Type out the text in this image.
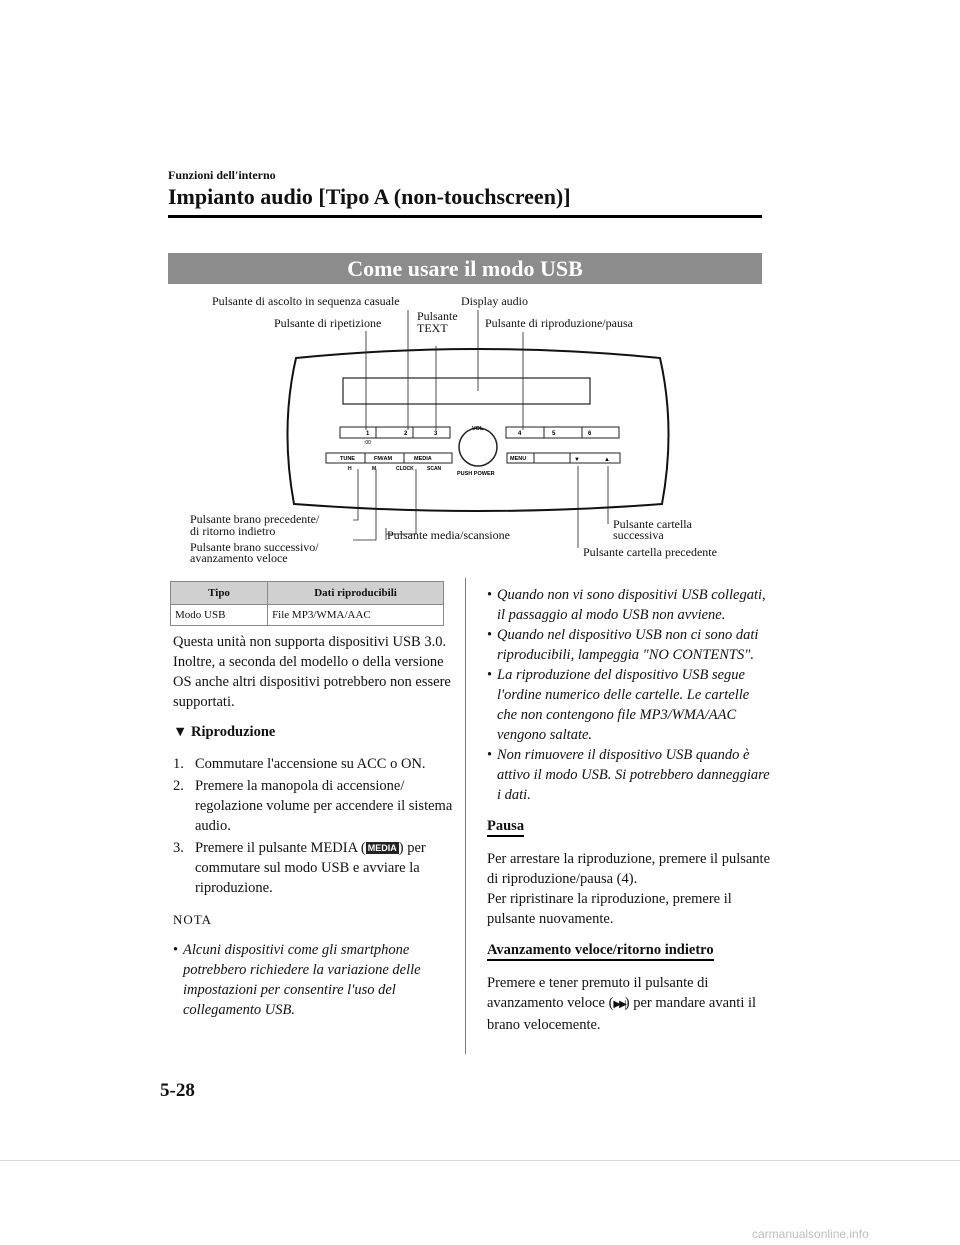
Funzioni dell'interno
Impianto audio [Tipo A (non-touchscreen)]
Come usare il modo USB
1
:00
2	3	4	5	6
VOL
TUNE	FM/AM	MEDIA
H	M	CLOCK	SCAN
PUSH POWER
MENU	▼	▲
Pulsante di ascolto in sequenza casuale	Display audio
Pulsante di ripetizione	Pulsante
TEXT	Pulsante di riproduzione/pausa
Pulsante brano precedente/
di ritorno indietro
Pulsante brano successivo/
avanzamento veloce
Pulsante media/scansione
Pulsante cartella
successiva
Pulsante cartella precedente
Tipo	Dati riproducibili
Modo USB	File MP3/WMA/AAC

Questa unità non supporta dispositivi USB 3.0. Inoltre, a seconda del modello o della versione OS anche altri dispositivi potrebbero non essere supportati.

▼ Riproduzione
1. Commutare l'accensione su ACC o ON.
2. Premere la manopola di accensione/ regolazione volume per accendere il sistema audio.
3. Premere il pulsante MEDIA ( MEDIA ) per commutare sul modo USB e avviare la riproduzione.
NOTA
• Alcuni dispositivi come gli smartphone potrebbero richiedere la variazione delle impostazioni per consentire l'uso del collegamento USB.
• Quando non vi sono dispositivi USB collegati, il passaggio al modo USB non avviene.
• Quando nel dispositivo USB non ci sono dati riproducibili, lampeggia "NO CONTENTS".
• La riproduzione del dispositivo USB segue l'ordine numerico delle cartelle. Le cartelle che non contengono file MP3/WMA/AAC vengono saltate.
• Non rimuovere il dispositivo USB quando è attivo il modo USB. Si potrebbero danneggiare i dati.
Pausa

Per arrestare la riproduzione, premere il pulsante di riproduzione/pausa (4).

Per ripristinare la riproduzione, premere il pulsante nuovamente.

Avanzamento veloce/ritorno indietro

Premere e tener premuto il pulsante di avanzamento veloce (▶▶|) per mandare avanti il brano velocemente.

5-28
carmanualsonline.info
